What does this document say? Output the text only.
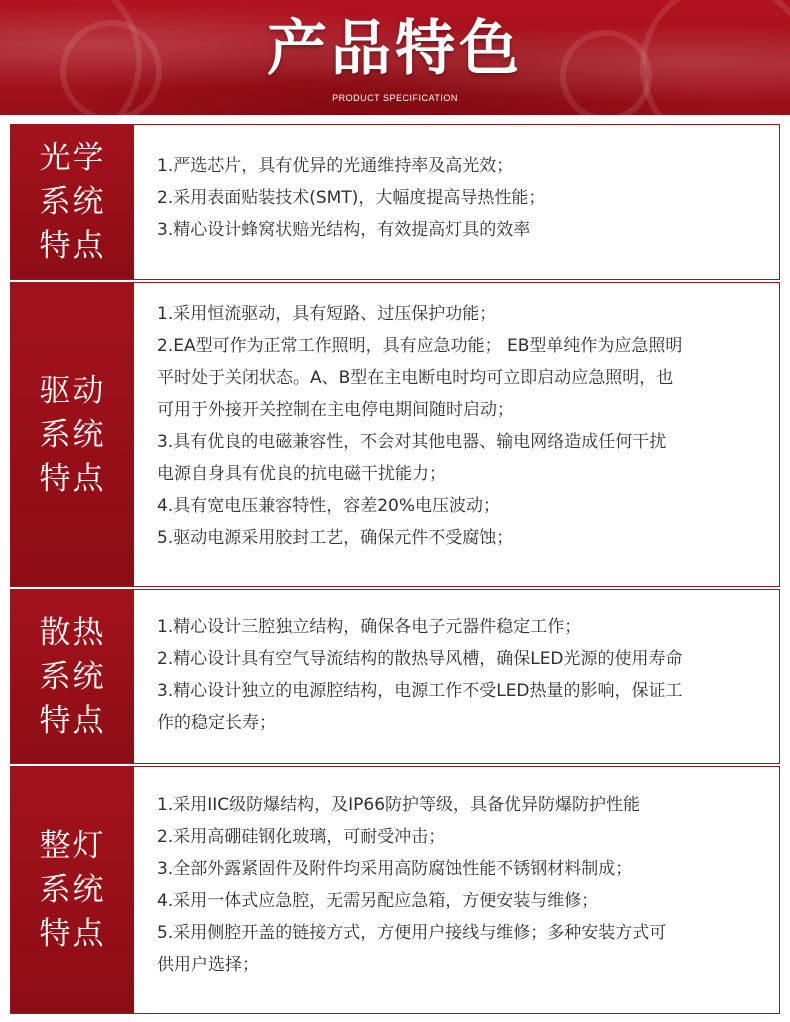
产品特色
PRODUCT SPECIFICATION
光学
系统
特点
1.严选芯片，具有优异的光通维持率及高光效；
2.采用表面贴装技术(SMT)，大幅度提高导热性能；
3.精心设计蜂窝状赔光结构，有效提高灯具的效率
驱动
系统
特点
1.采用恒流驱动，具有短路、过压保护功能；
2.EA型可作为正常工作照明，具有应急功能； EB型单纯作为应急照明
平时处于关闭状态。A、B型在主电断电时均可立即启动应急照明，也
可用于外接开关控制在主电停电期间随时启动；
3.具有优良的电磁兼容性，不会对其他电器、输电网络造成任何干扰
电源自身具有优良的抗电磁干扰能力；
4.具有宽电压兼容特性，容差20%电压波动；
5.驱动电源采用胶封工艺，确保元件不受腐蚀；
散热
系统
特点
1.精心设计三腔独立结构，确保各电子元器件稳定工作；
2.精心设计具有空气导流结构的散热导风槽，确保LED光源的使用寿命
3.精心设计独立的电源腔结构，电源工作不受LED热量的影响，保证工
作的稳定长寿；
整灯
系统
特点
1.采用IIC级防爆结构，及IP66防护等级，具备优异防爆防护性能
2.采用高硼硅钢化玻璃，可耐受冲击；
3.全部外露紧固件及附件均采用高防腐蚀性能不锈钢材料制成；
4.采用一体式应急腔，无需另配应急箱，方便安装与维修；
5.采用侧腔开盖的链接方式，方便用户接线与维修；多种安装方式可
供用户选择；
